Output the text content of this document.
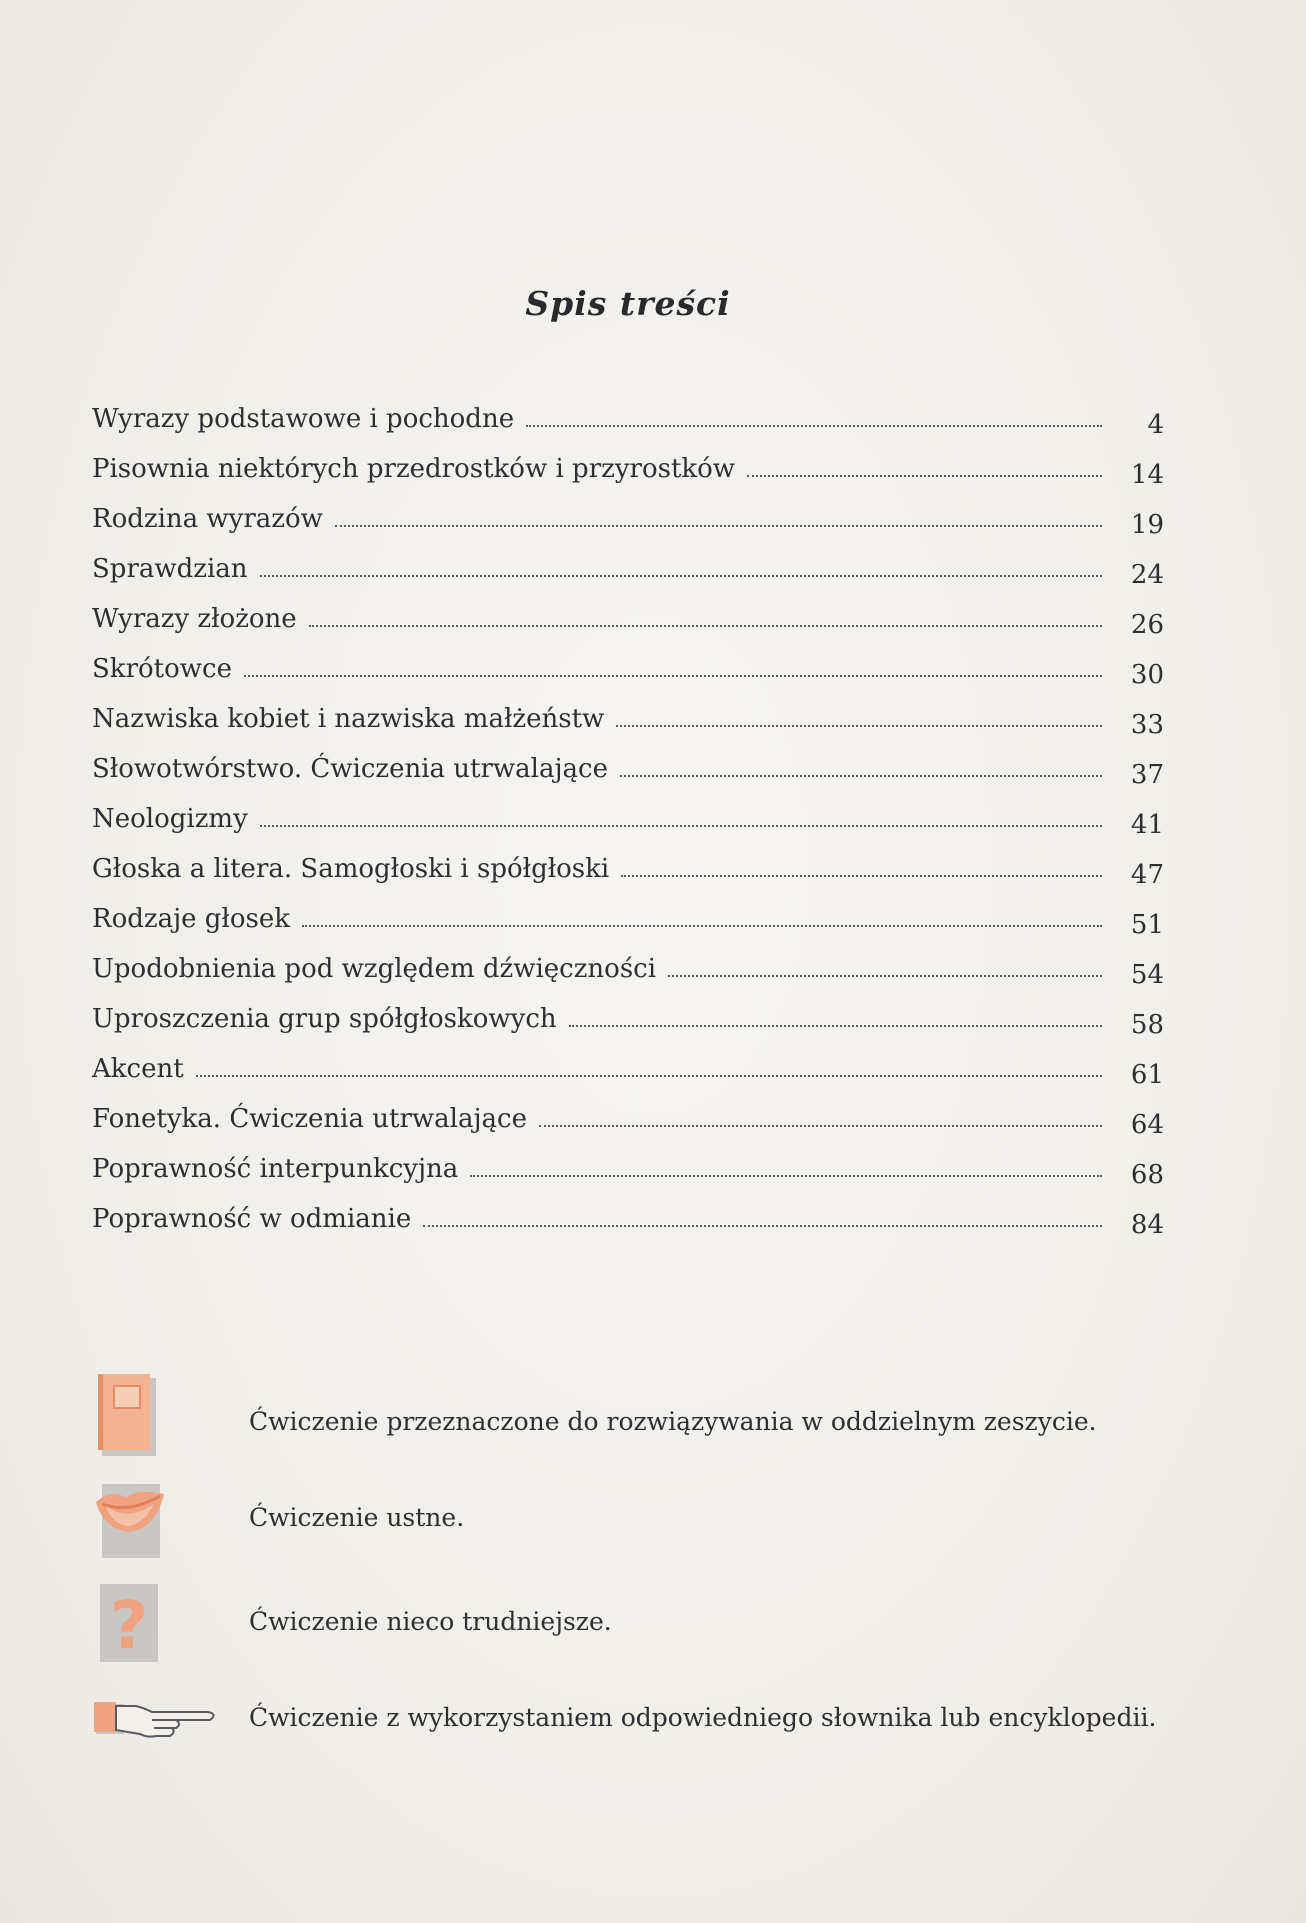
Spis treści
Wyrazy podstawowe i pochodne	4
Pisownia niektórych przedrostków i przyrostków	14
Rodzina wyrazów	19
Sprawdzian	24
Wyrazy złożone	26
Skrótowce	30
Nazwiska kobiet i nazwiska małżeństw	33
Słowotwórstwo. Ćwiczenia utrwalające	37
Neologizmy	41
Głoska a litera. Samogłoski i spółgłoski	47
Rodzaje głosek	51
Upodobnienia pod względem dźwięczności	54
Uproszczenia grup spółgłoskowych	58
Akcent	61
Fonetyka. Ćwiczenia utrwalające	64
Poprawność interpunkcyjna	68
Poprawność w odmianie	84
Ćwiczenie przeznaczone do rozwiązywania w oddzielnym zeszycie.
Ćwiczenie ustne.
?	Ćwiczenie nieco trudniejsze.
Ćwiczenie z wykorzystaniem odpowiedniego słownika lub encyklopedii.
